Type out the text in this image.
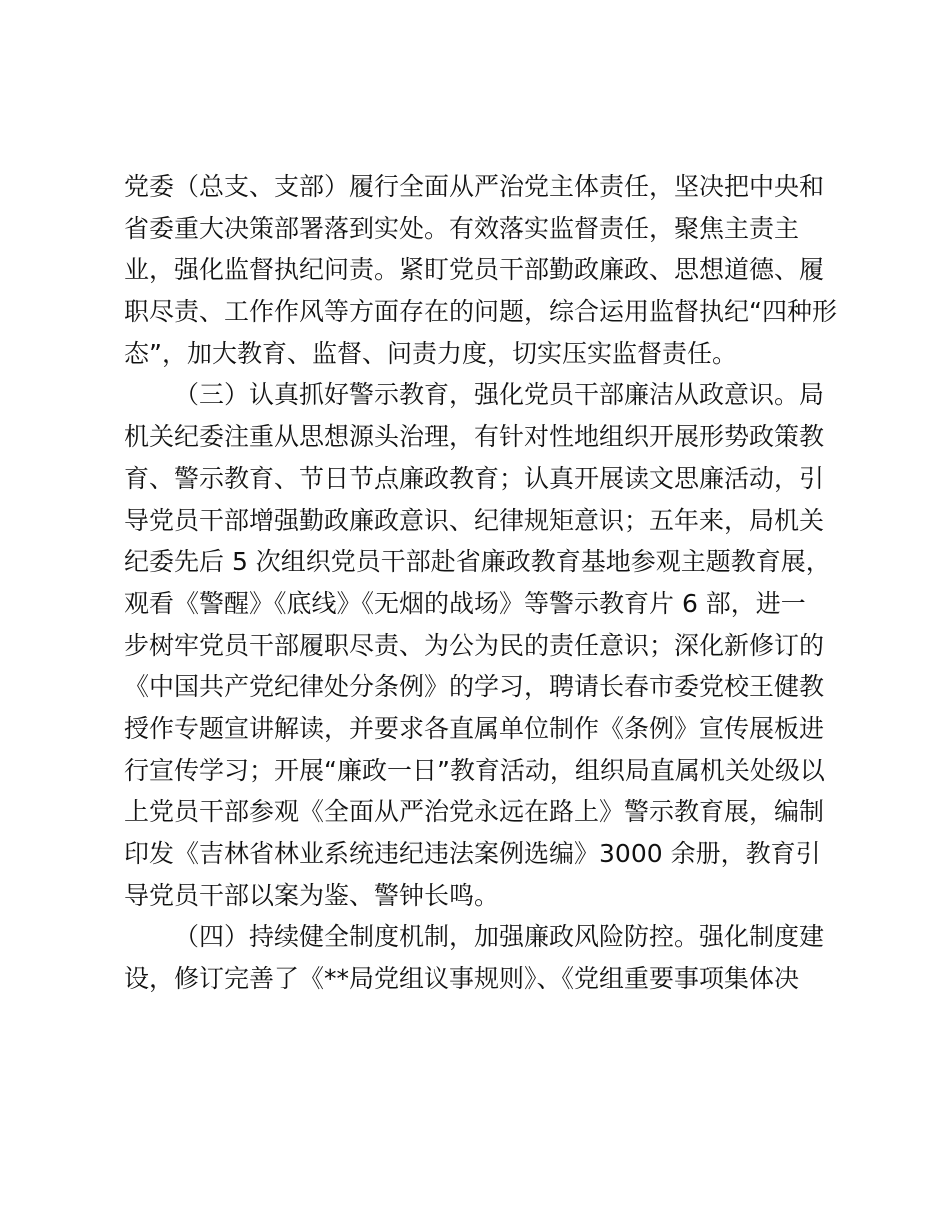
党委（总支、支部）履行全面从严治党主体责任，坚决把中央和
省委重大决策部署落到实处。有效落实监督责任，聚焦主责主
业，强化监督执纪问责。紧盯党员干部勤政廉政、思想道德、履
职尽责、工作作风等方面存在的问题，综合运用监督执纪“四种形
态”，加大教育、监督、问责力度，切实压实监督责任。
（三）认真抓好警示教育，强化党员干部廉洁从政意识。局
机关纪委注重从思想源头治理，有针对性地组织开展形势政策教
育、警示教育、节日节点廉政教育；认真开展读文思廉活动，引
导党员干部增强勤政廉政意识、纪律规矩意识；五年来，局机关
纪委先后 5 次组织党员干部赴省廉政教育基地参观主题教育展，
观看《警醒》《底线》《无烟的战场》等警示教育片 6 部，进一
步树牢党员干部履职尽责、为公为民的责任意识；深化新修订的
《中国共产党纪律处分条例》的学习，聘请长春市委党校王健教
授作专题宣讲解读，并要求各直属单位制作《条例》宣传展板进
行宣传学习；开展“廉政一日”教育活动，组织局直属机关处级以
上党员干部参观《全面从严治党永远在路上》警示教育展，编制
印发《吉林省林业系统违纪违法案例选编》3000 余册，教育引
导党员干部以案为鉴、警钟长鸣。
（四）持续健全制度机制，加强廉政风险防控。强化制度建
设，修订完善了《**局党组议事规则》、《党组重要事项集体决
